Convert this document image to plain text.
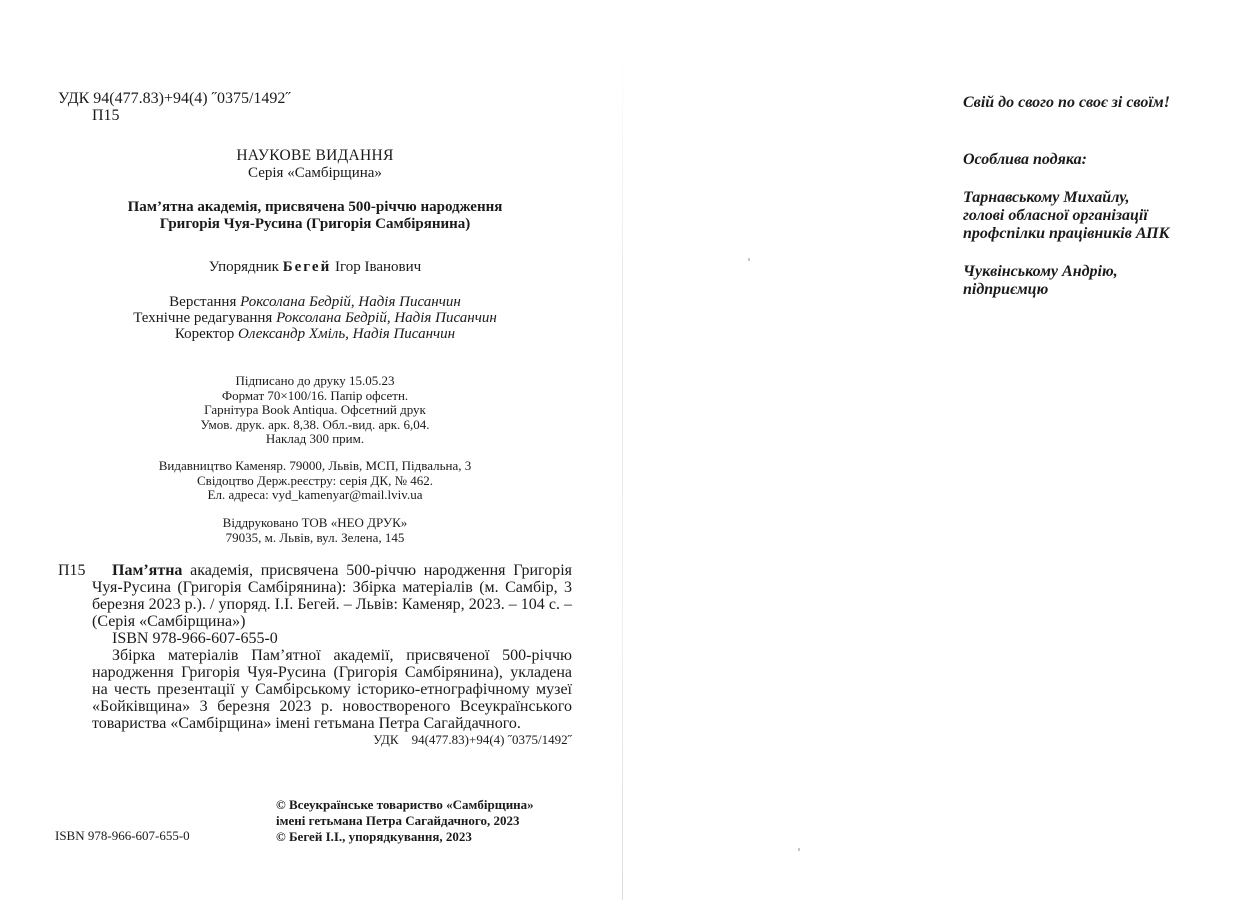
УДК 94(477.83)+94(4) ˝0375/1492˝
П15
НАУКОВЕ ВИДАННЯ
Серія «Самбірщина»
Пам’ятна академія, присвячена 500-річчю народження
Григорія Чуя-Русина (Григорія Самбірянина)
Упорядник Бегей Ігор Іванович
Верстання Роксолана Бедрій, Надія Писанчин
Технічне редагування Роксолана Бедрій, Надія Писанчин
Коректор Олександр Хміль, Надія Писанчин
Підписано до друку 15.05.23
Формат 70×100/16. Папір офсетн.
Гарнітура Book Antiqua. Офсетний друк
Умов. друк. арк. 8,38. Обл.-вид. арк. 6,04.
Наклад 300 прим.
Видавництво Каменяр. 79000, Львів, МСП, Підвальна, 3
Свідоцтво Держ.реєстру: серія ДК, № 462.
Ел. адреса: vyd_kamenyar@mail.lviv.ua
Віддруковано ТОВ «НЕО ДРУК»
79035, м. Львів, вул. Зелена, 145
П15	Пам’ятна академія, присвячена 500-річчю народження Григорія Чуя-Русина (Григорія Самбірянина): Збірка матеріалів (м. Самбір, 3 березня 2023 р.). / упоряд. І.І. Бегей. – Львів: Каменяр, 2023. – 104 с. – (Серія «Самбірщина»)
ISBN 978-966-607-655-0
Збірка матеріалів Пам’ятної академії, присвяченої 500-річчю народження Григорія Чуя-Русина (Григорія Самбірянина), укладена на честь презентації у Самбірському історико-етнографічному музеї «Бойківщина» 3 березня 2023 р. новоствореного Всеукраїнського товариства «Самбірщина» імені гетьмана Петра Сагайдачного.
УДК 94(477.83)+94(4) ˝0375/1492˝
ISBN 978-966-607-655-0
© Всеукраїнське товариство «Самбірщина»
імені гетьмана Петра Сагайдачного, 2023
© Бегей І.І., упорядкування, 2023
Свій до свого по своє зі своїм!
Особлива подяка:
Тарнавському Михайлу,
голові обласної організації
профспілки працівників АПК
Чуквінському Андрію,
підприємцю
